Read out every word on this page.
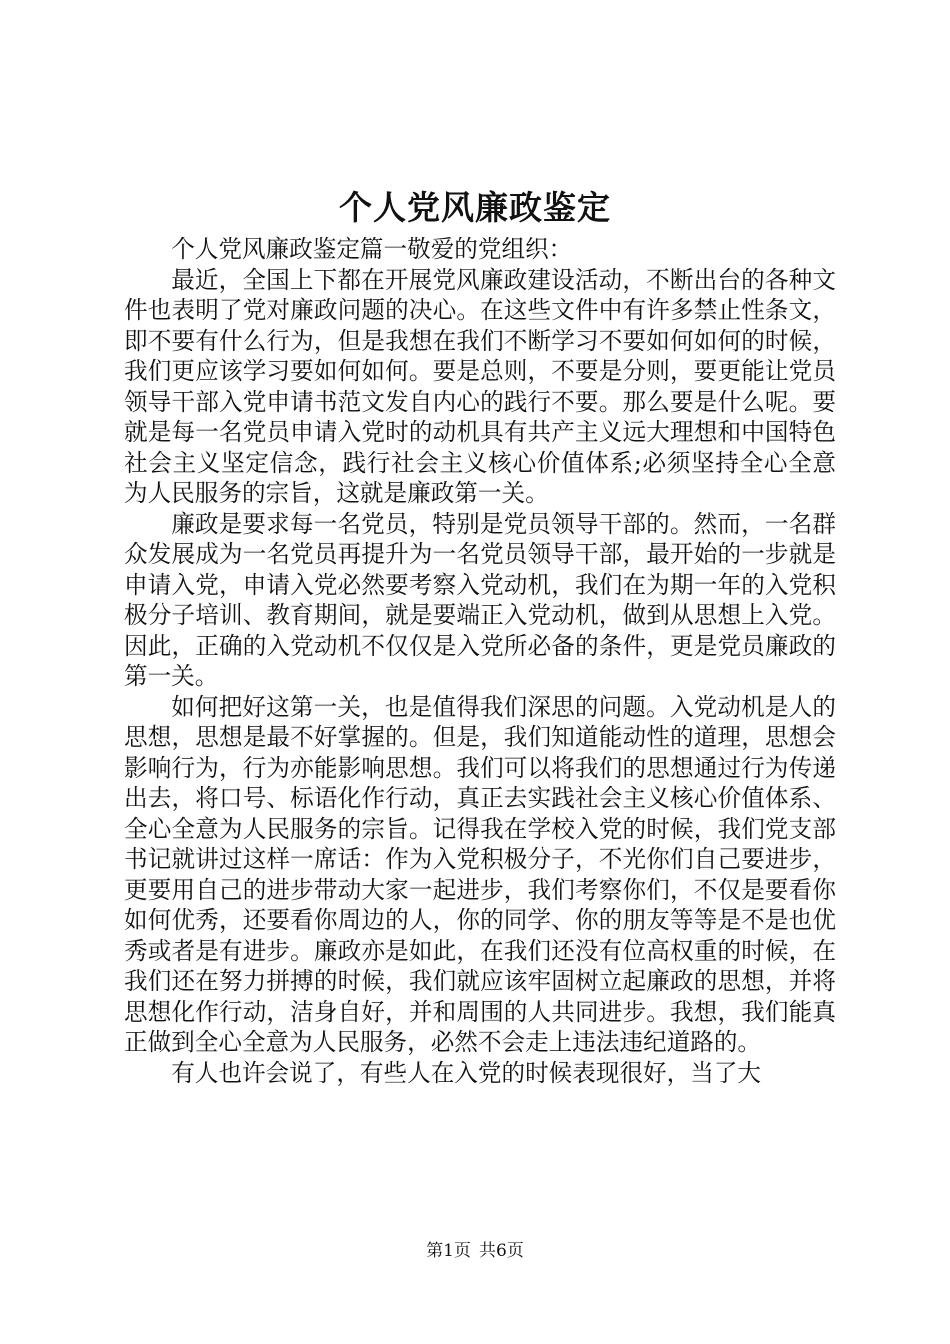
个人党风廉政鉴定

个人党风廉政鉴定篇一敬爱的党组织：

最近，全国上下都在开展党风廉政建设活动，不断出台的各种文件也表明了党对廉政问题的决心。在这些文件中有许多禁止性条文，即不要有什么行为，但是我想在我们不断学习不要如何如何的时候，我们更应该学习要如何如何。要是总则，不要是分则，要更能让党员领导干部入党申请书范文发自内心的践行不要。那么要是什么呢。要就是每一名党员申请入党时的动机具有共产主义远大理想和中国特色社会主义坚定信念，践行社会主义核心价值体系;必须坚持全心全意为人民服务的宗旨，这就是廉政第一关。

廉政是要求每一名党员，特别是党员领导干部的。然而，一名群众发展成为一名党员再提升为一名党员领导干部，最开始的一步就是申请入党，申请入党必然要考察入党动机，我们在为期一年的入党积极分子培训、教育期间，就是要端正入党动机，做到从思想上入党。因此，正确的入党动机不仅仅是入党所必备的条件，更是党员廉政的第一关。

如何把好这第一关，也是值得我们深思的问题。入党动机是人的思想，思想是最不好掌握的。但是，我们知道能动性的道理，思想会影响行为，行为亦能影响思想。我们可以将我们的思想通过行为传递出去，将口号、标语化作行动，真正去实践社会主义核心价值体系、全心全意为人民服务的宗旨。记得我在学校入党的时候，我们党支部书记就讲过这样一席话：作为入党积极分子，不光你们自己要进步，更要用自己的进步带动大家一起进步，我们考察你们，不仅是要看你如何优秀，还要看你周边的人，你的同学、你的朋友等等是不是也优秀或者是有进步。廉政亦是如此，在我们还没有位高权重的时候，在我们还在努力拼搏的时候，我们就应该牢固树立起廉政的思想，并将思想化作行动，洁身自好，并和周围的人共同进步。我想，我们能真正做到全心全意为人民服务，必然不会走上违法违纪道路的。

有人也许会说了，有些人在入党的时候表现很好，当了大

第1页 共6页
